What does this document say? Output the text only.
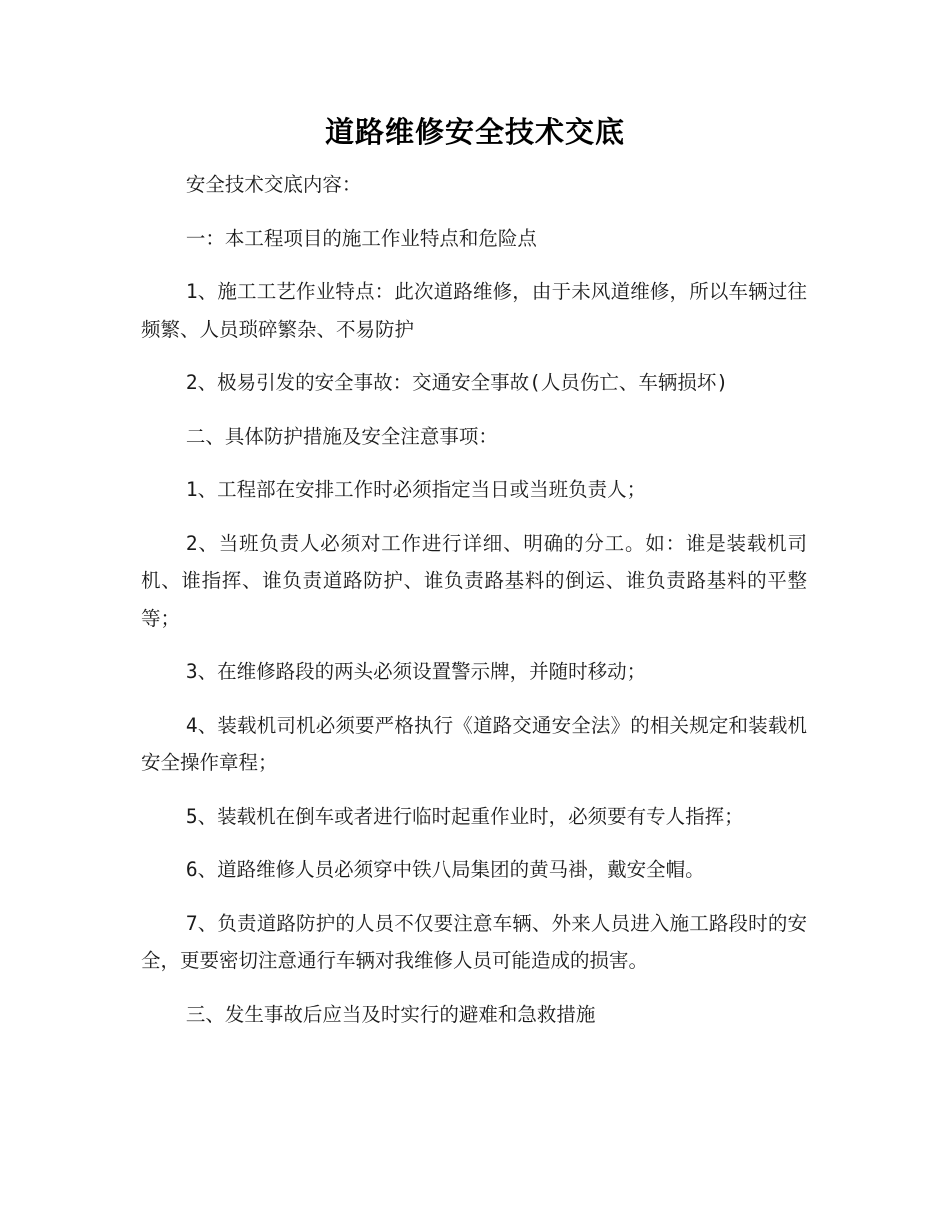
道路维修安全技术交底

安全技术交底内容：

一：本工程项目的施工作业特点和危险点

1、施工工艺作业特点：此次道路维修，由于未风道维修，所以车辆过往频繁、人员琐碎繁杂、不易防护

2、极易引发的安全事故：交通安全事故(人员伤亡、车辆损坏)

二、具体防护措施及安全注意事项：

1、工程部在安排工作时必须指定当日或当班负责人；

2、当班负责人必须对工作进行详细、明确的分工。如：谁是装载机司机、谁指挥、谁负责道路防护、谁负责路基料的倒运、谁负责路基料的平整等；

3、在维修路段的两头必须设置警示牌，并随时移动；

4、装载机司机必须要严格执行《道路交通安全法》的相关规定和装载机安全操作章程；

5、装载机在倒车或者进行临时起重作业时，必须要有专人指挥；

6、道路维修人员必须穿中铁八局集团的黄马褂，戴安全帽。

7、负责道路防护的人员不仅要注意车辆、外来人员进入施工路段时的安全，更要密切注意通行车辆对我维修人员可能造成的损害。

三、发生事故后应当及时实行的避难和急救措施
